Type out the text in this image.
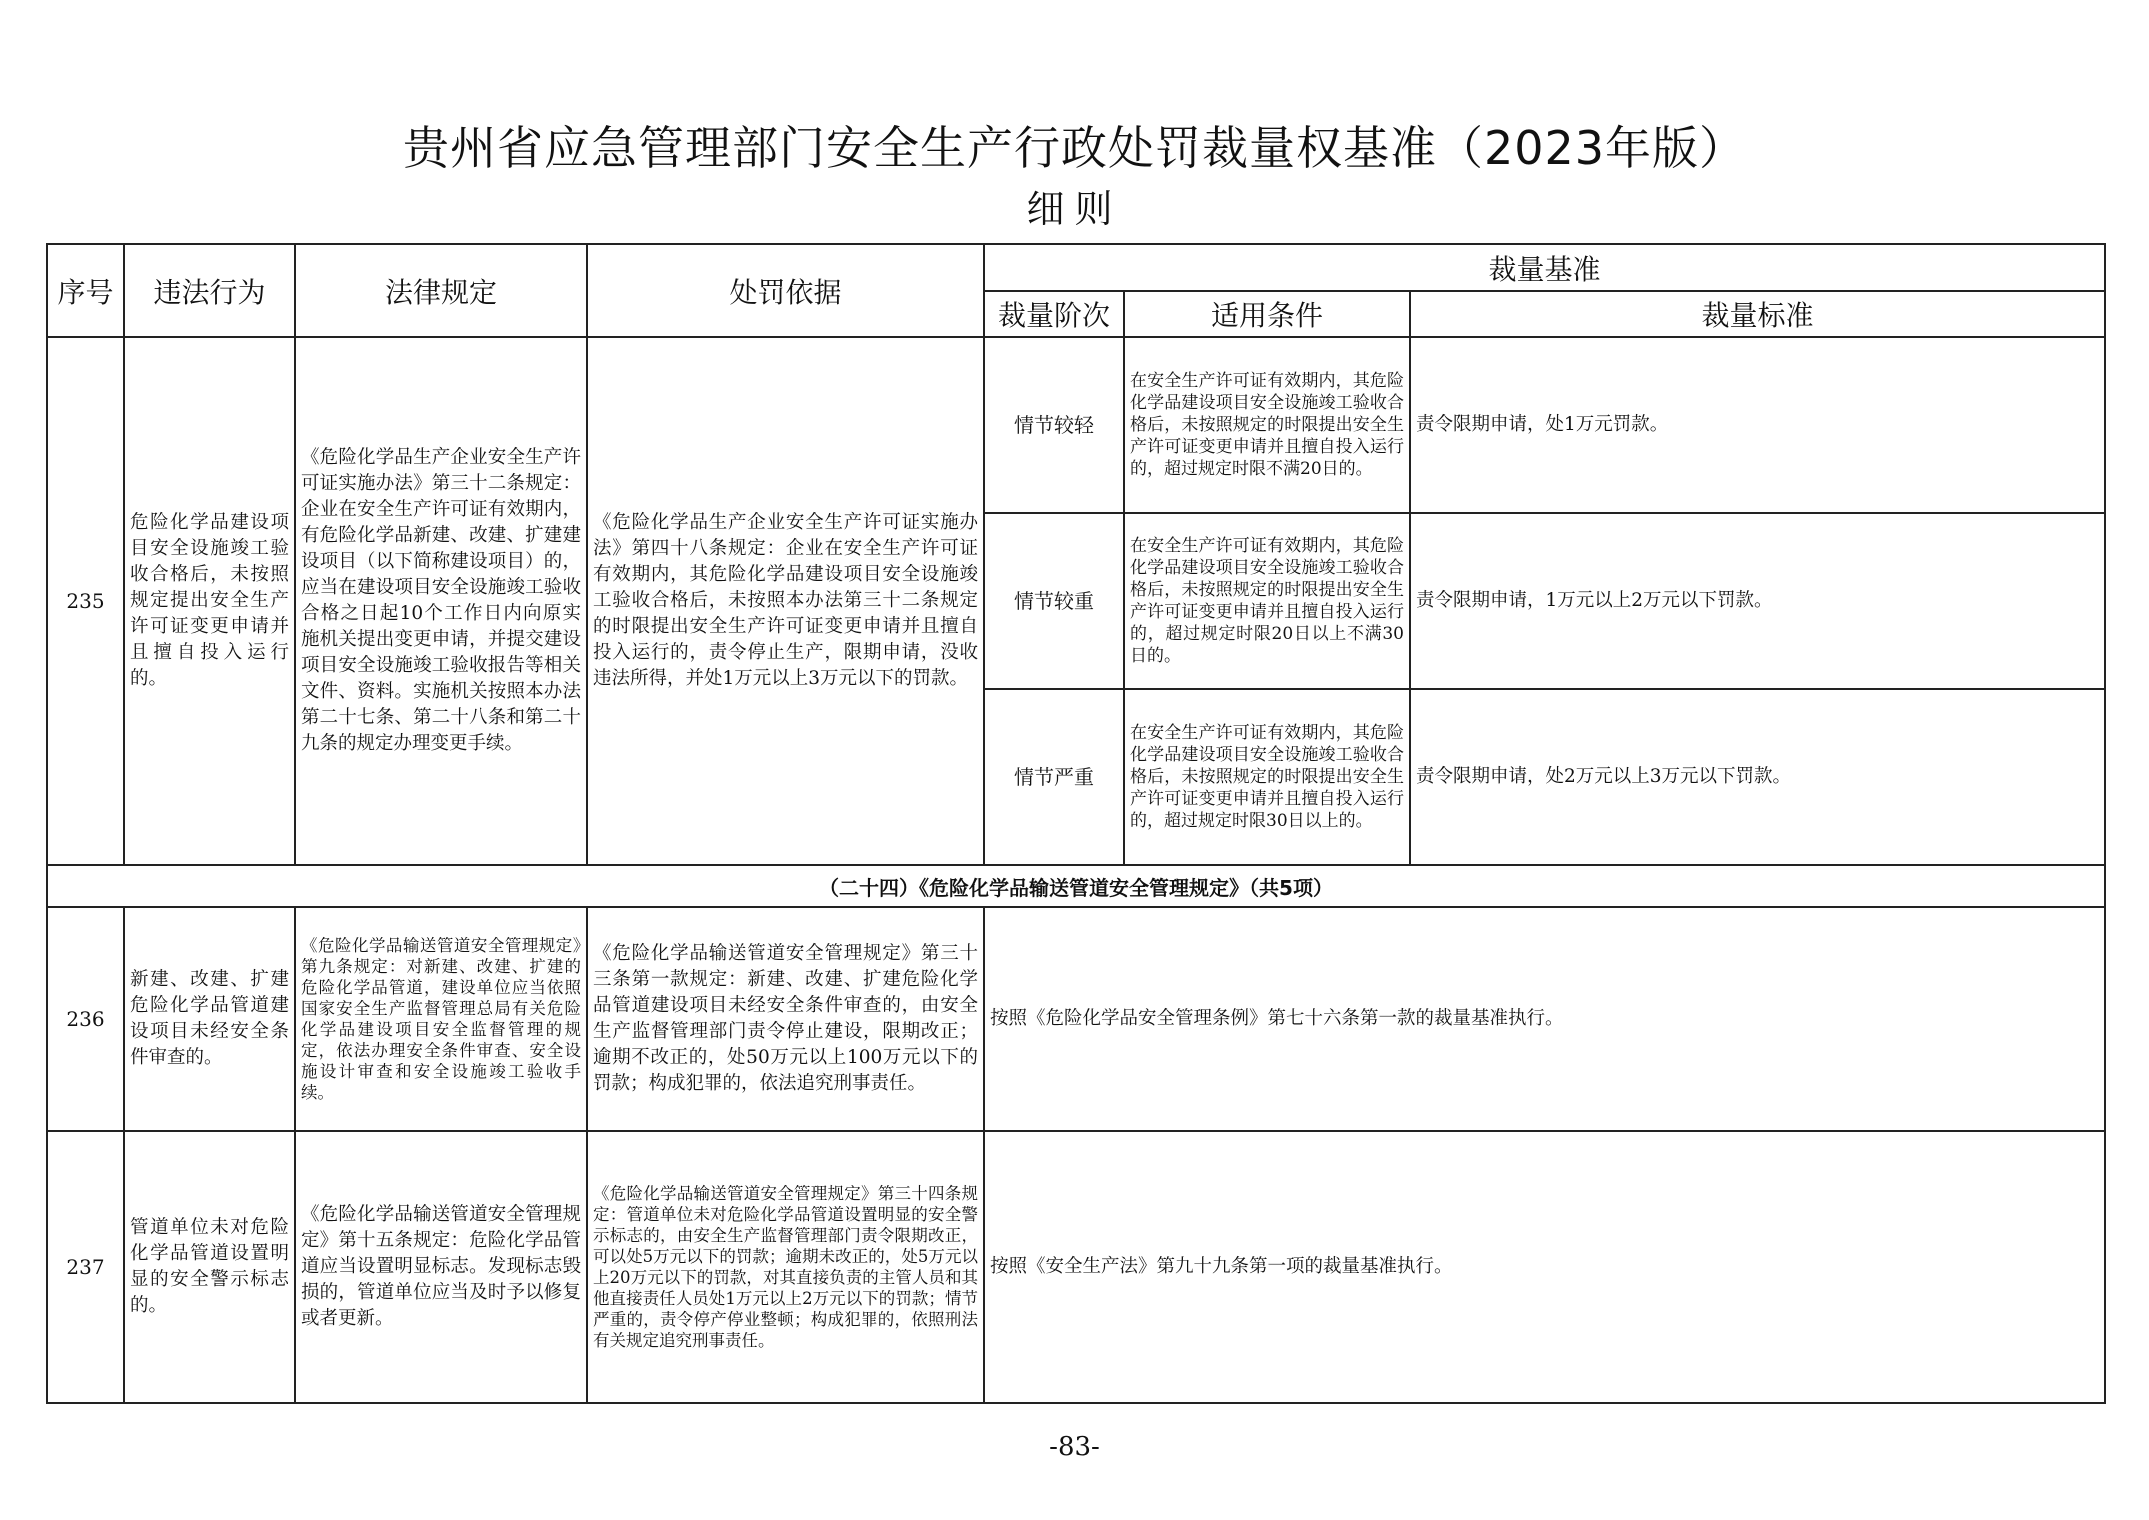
贵州省应急管理部门安全生产行政处罚裁量权基准（2023年版）
细则
序号	违法行为	法律规定	处罚依据	裁量基准		
				裁量阶次	适用条件	裁量标准
235	危险化学品建设项目安全设施竣工验收合格后，未按照规定提出安全生产许可证变更申请并且擅自投入运行的。	《危险化学品生产企业安全生产许可证实施办法》第三十二条规定：企业在安全生产许可证有效期内，有危险化学品新建、改建、扩建建设项目（以下简称建设项目）的，应当在建设项目安全设施竣工验收合格之日起10个工作日内向原实施机关提出变更申请，并提交建设项目安全设施竣工验收报告等相关文件、资料。实施机关按照本办法第二十七条、第二十八条和第二十九条的规定办理变更手续。	《危险化学品生产企业安全生产许可证实施办法》第四十八条规定：企业在安全生产许可证有效期内，其危险化学品建设项目安全设施竣工验收合格后，未按照本办法第三十二条规定的时限提出安全生产许可证变更申请并且擅自投入运行的，责令停止生产，限期申请，没收违法所得，并处1万元以上3万元以下的罚款。	情节较轻	在安全生产许可证有效期内，其危险化学品建设项目安全设施竣工验收合格后，未按照规定的时限提出安全生产许可证变更申请并且擅自投入运行的，超过规定时限不满20日的。	责令限期申请，处1万元罚款。
				情节较重	在安全生产许可证有效期内，其危险化学品建设项目安全设施竣工验收合格后，未按照规定的时限提出安全生产许可证变更申请并且擅自投入运行的，超过规定时限20日以上不满30日的。	责令限期申请，1万元以上2万元以下罚款。
				情节严重	在安全生产许可证有效期内，其危险化学品建设项目安全设施竣工验收合格后，未按照规定的时限提出安全生产许可证变更申请并且擅自投入运行的，超过规定时限30日以上的。	责令限期申请，处2万元以上3万元以下罚款。
（二十四）《危险化学品输送管道安全管理规定》（共5项）						
236	新建、改建、扩建危险化学品管道建设项目未经安全条件审查的。	《危险化学品输送管道安全管理规定》第九条规定：对新建、改建、扩建的危险化学品管道，建设单位应当依照国家安全生产监督管理总局有关危险化学品建设项目安全监督管理的规定，依法办理安全条件审查、安全设施设计审查和安全设施竣工验收手续。	《危险化学品输送管道安全管理规定》第三十三条第一款规定：新建、改建、扩建危险化学品管道建设项目未经安全条件审查的，由安全生产监督管理部门责令停止建设，限期改正；逾期不改正的，处50万元以上100万元以下的罚款；构成犯罪的，依法追究刑事责任。	按照《危险化学品安全管理条例》第七十六条第一款的裁量基准执行。		
237	管道单位未对危险化学品管道设置明显的安全警示标志的。	《危险化学品输送管道安全管理规定》第十五条规定：危险化学品管道应当设置明显标志。发现标志毁损的，管道单位应当及时予以修复或者更新。	《危险化学品输送管道安全管理规定》第三十四条规定：管道单位未对危险化学品管道设置明显的安全警示标志的，由安全生产监督管理部门责令限期改正，可以处5万元以下的罚款；逾期未改正的，处5万元以上20万元以下的罚款，对其直接负责的主管人员和其他直接责任人员处1万元以上2万元以下的罚款；情节严重的，责令停产停业整顿；构成犯罪的，依照刑法有关规定追究刑事责任。	按照《安全生产法》第九十九条第一项的裁量基准执行。		
-83-
